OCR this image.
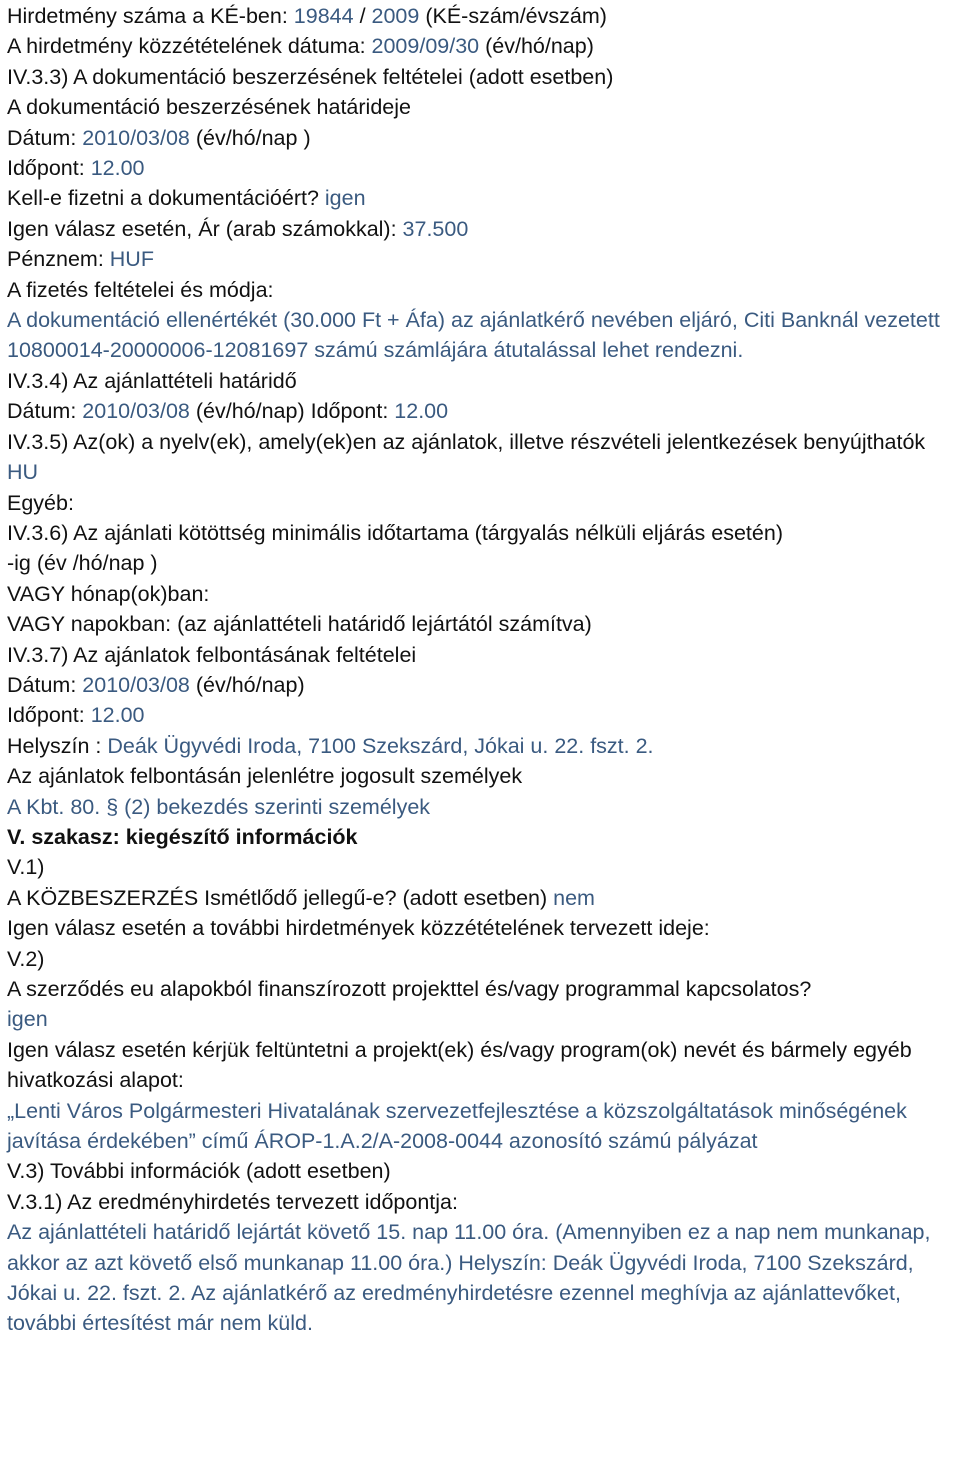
Hirdetmény száma a KÉ-ben: 19844 / 2009 (KÉ-szám/évszám)
A hirdetmény közzétételének dátuma: 2009/09/30 (év/hó/nap)
IV.3.3) A dokumentáció beszerzésének feltételei (adott esetben)
A dokumentáció beszerzésének határideje
Dátum: 2010/03/08 (év/hó/nap )
Időpont: 12.00
Kell-e fizetni a dokumentációért? igen
Igen válasz esetén, Ár (arab számokkal): 37.500
Pénznem: HUF
A fizetés feltételei és módja:
A dokumentáció ellenértékét (30.000 Ft + Áfa) az ajánlatkérő nevében eljáró, Citi Banknál vezetett 10800014-20000006-12081697 számú számlájára átutalással lehet rendezni.
IV.3.4) Az ajánlattételi határidő
Dátum: 2010/03/08 (év/hó/nap) Időpont: 12.00
IV.3.5) Az(ok) a nyelv(ek), amely(ek)en az ajánlatok, illetve részvételi jelentkezések benyújthatók
HU
Egyéb:
IV.3.6) Az ajánlati kötöttség minimális időtartama (tárgyalás nélküli eljárás esetén)
-ig (év /hó/nap )
VAGY hónap(ok)ban:
VAGY napokban: (az ajánlattételi határidő lejártától számítva)
IV.3.7) Az ajánlatok felbontásának feltételei
Dátum: 2010/03/08 (év/hó/nap)
Időpont: 12.00
Helyszín : Deák Ügyvédi Iroda, 7100 Szekszárd, Jókai u. 22. fszt. 2.
Az ajánlatok felbontásán jelenlétre jogosult személyek
A Kbt. 80. § (2) bekezdés szerinti személyek
V. szakasz: kiegészítő információk
V.1)
A KÖZBESZERZÉS Ismétlődő jellegű-e? (adott esetben) nem
Igen válasz esetén a további hirdetmények közzétételének tervezett ideje:
V.2)
A szerződés eu alapokból finanszírozott projekttel és/vagy programmal kapcsolatos?
igen
Igen válasz esetén kérjük feltüntetni a projekt(ek) és/vagy program(ok) nevét és bármely egyéb hivatkozási alapot:
„Lenti Város Polgármesteri Hivatalának szervezetfejlesztése a közszolgáltatások minőségének javítása érdekében” című ÁROP-1.A.2/A-2008-0044 azonosító számú pályázat
V.3) További információk (adott esetben)
V.3.1) Az eredményhirdetés tervezett időpontja:
Az ajánlattételi határidő lejártát követő 15. nap 11.00 óra. (Amennyiben ez a nap nem munkanap, akkor az azt követő első munkanap 11.00 óra.) Helyszín: Deák Ügyvédi Iroda, 7100 Szekszárd, Jókai u. 22. fszt. 2. Az ajánlatkérő az eredményhirdetésre ezennel meghívja az ajánlattevőket, további értesítést már nem küld.
